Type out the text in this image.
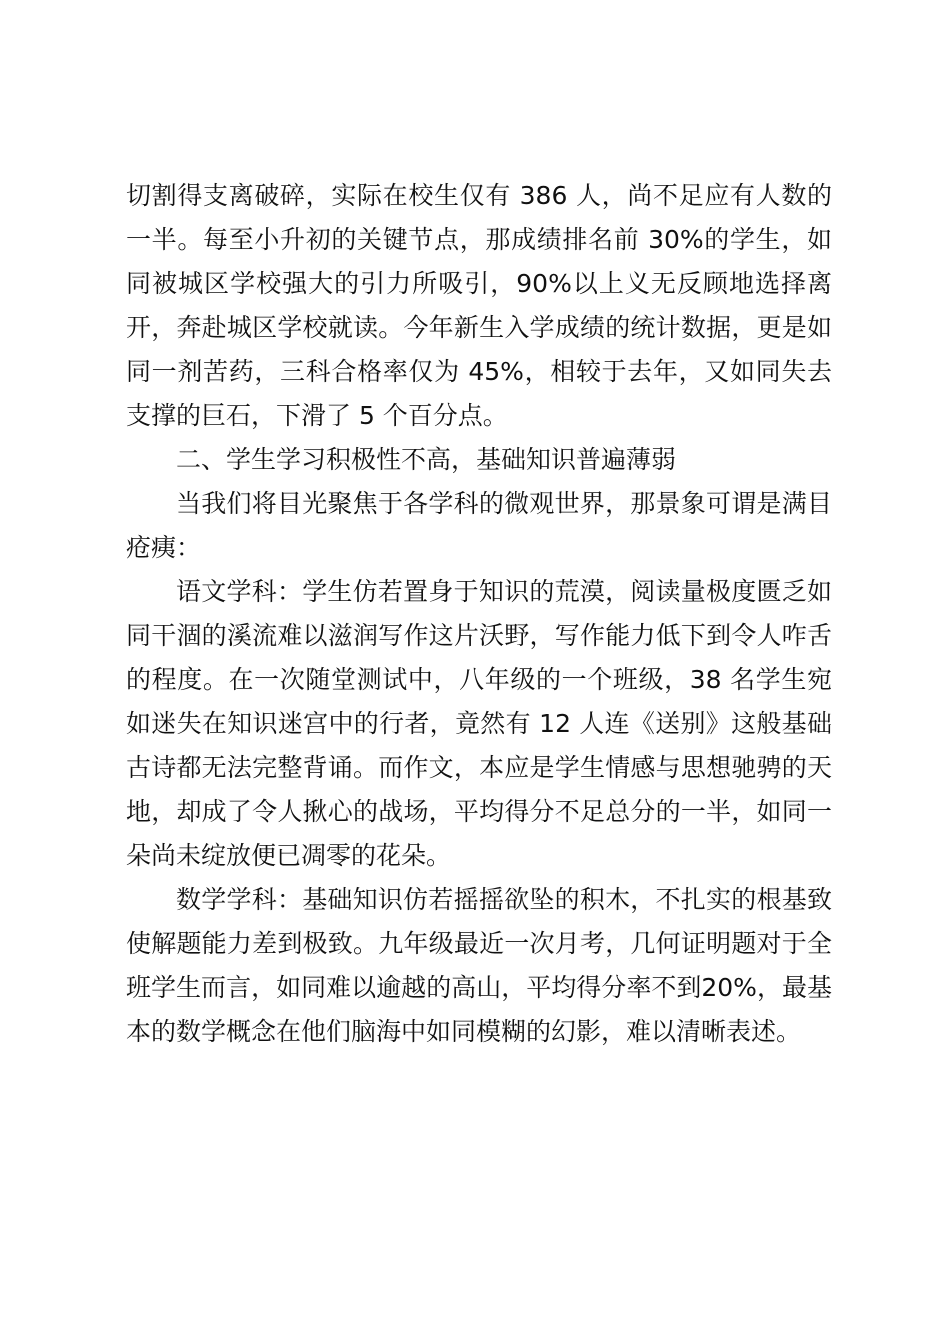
切割得支离破碎，实际在校生仅有 386 人，尚不足应有人数的一半。每至小升初的关键节点，那成绩排名前 30%的学生，如同被城区学校强大的引力所吸引，90%以上义无反顾地选择离开，奔赴城区学校就读。今年新生入学成绩的统计数据，更是如同一剂苦药，三科合格率仅为 45%，相较于去年，又如同失去支撑的巨石，下滑了 5 个百分点。

二、学生学习积极性不高，基础知识普遍薄弱

当我们将目光聚焦于各学科的微观世界，那景象可谓是满目疮痍：

语文学科：学生仿若置身于知识的荒漠，阅读量极度匮乏如同干涸的溪流难以滋润写作这片沃野，写作能力低下到令人咋舌的程度。在一次随堂测试中，八年级的一个班级，38 名学生宛如迷失在知识迷宫中的行者，竟然有 12 人连《送别》这般基础古诗都无法完整背诵。而作文，本应是学生情感与思想驰骋的天地，却成了令人揪心的战场，平均得分不足总分的一半，如同一朵尚未绽放便已凋零的花朵。

数学学科：基础知识仿若摇摇欲坠的积木，不扎实的根基致使解题能力差到极致。九年级最近一次月考，几何证明题对于全班学生而言，如同难以逾越的高山，平均得分率不到20%，最基本的数学概念在他们脑海中如同模糊的幻影，难以清晰表述。
